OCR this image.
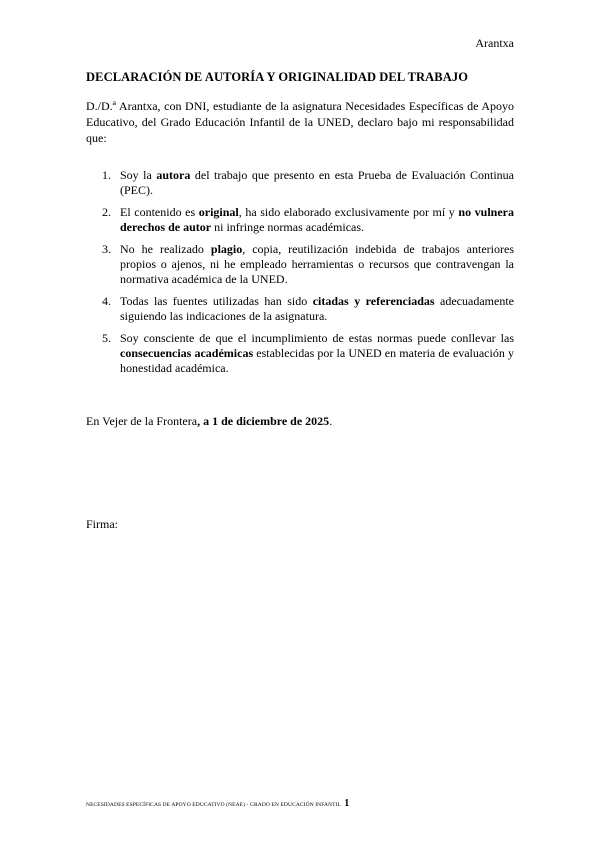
Arantxa
DECLARACIÓN DE AUTORÍA Y ORIGINALIDAD DEL TRABAJO
D./D.ª Arantxa, con DNI, estudiante de la asignatura Necesidades Específicas de Apoyo Educativo, del Grado Educación Infantil de la UNED, declaro bajo mi responsabilidad que:
1. Soy la autora del trabajo que presento en esta Prueba de Evaluación Continua (PEC).
2. El contenido es original, ha sido elaborado exclusivamente por mí y no vulnera derechos de autor ni infringe normas académicas.
3. No he realizado plagio, copia, reutilización indebida de trabajos anteriores propios o ajenos, ni he empleado herramientas o recursos que contravengan la normativa académica de la UNED.
4. Todas las fuentes utilizadas han sido citadas y referenciadas adecuadamente siguiendo las indicaciones de la asignatura.
5. Soy consciente de que el incumplimiento de estas normas puede conllevar las consecuencias académicas establecidas por la UNED en materia de evaluación y honestidad académica.
En Vejer de la Frontera, a 1 de diciembre de 2025.
Firma:
NECESIDADES ESPECÍFICAS DE APOYO EDUCATIVO (NEAE) - GRADO EN EDUCACIÓN INFANTIL 1
